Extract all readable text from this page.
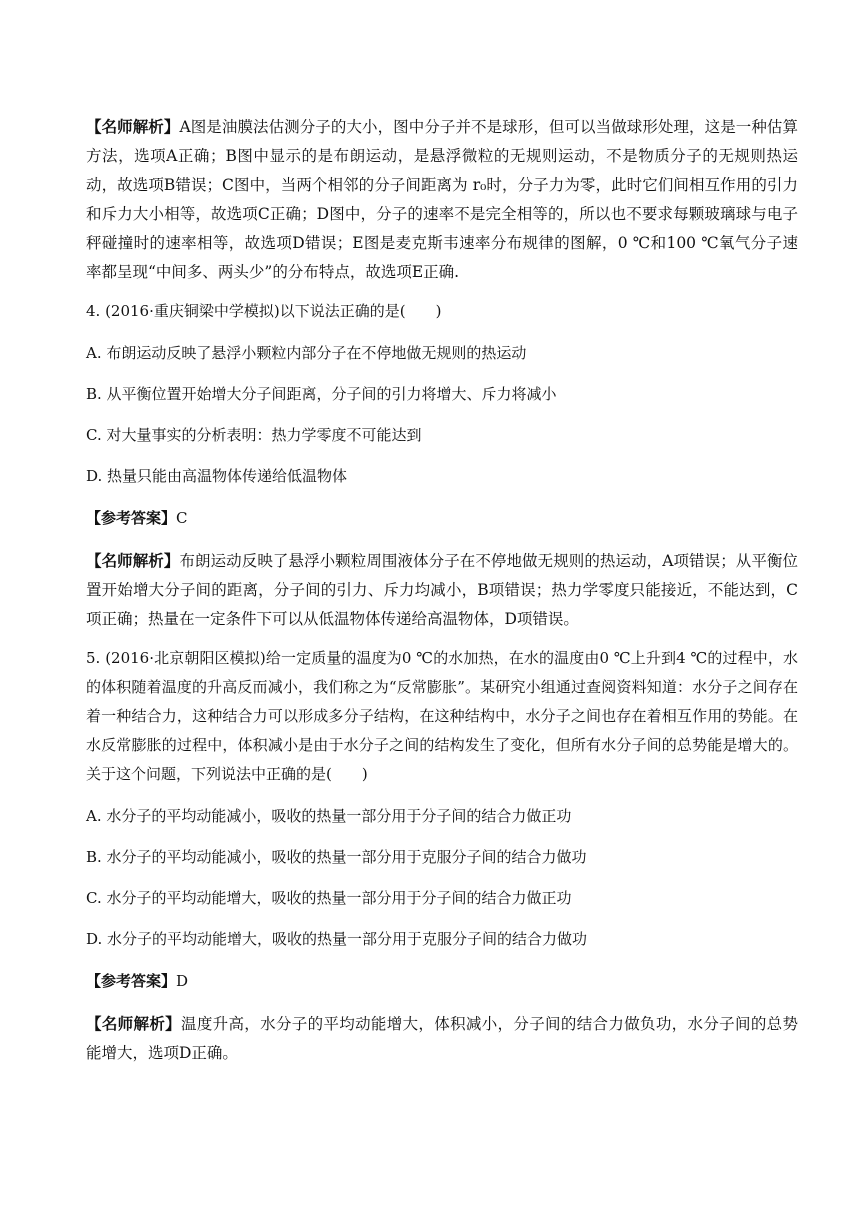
【名师解析】A图是油膜法估测分子的大小，图中分子并不是球形，但可以当做球形处理，这是一种估算方法，选项A正确；B图中显示的是布朗运动，是悬浮微粒的无规则运动，不是物质分子的无规则热运动，故选项B错误；C图中，当两个相邻的分子间距离为 r₀时，分子力为零，此时它们间相互作用的引力和斥力大小相等，故选项C正确；D图中，分子的速率不是完全相等的，所以也不要求每颗玻璃球与电子秤碰撞时的速率相等，故选项D错误；E图是麦克斯韦速率分布规律的图解，0 ℃和100 ℃氧气分子速率都呈现“中间多、两头少”的分布特点，故选项E正确.

4. (2016·重庆铜梁中学模拟)以下说法正确的是(　　)

A. 布朗运动反映了悬浮小颗粒内部分子在不停地做无规则的热运动

B. 从平衡位置开始增大分子间距离，分子间的引力将增大、斥力将减小

C. 对大量事实的分析表明：热力学零度不可能达到

D. 热量只能由高温物体传递给低温物体

【参考答案】C

【名师解析】布朗运动反映了悬浮小颗粒周围液体分子在不停地做无规则的热运动，A项错误；从平衡位置开始增大分子间的距离，分子间的引力、斥力均减小，B项错误；热力学零度只能接近，不能达到，C项正确；热量在一定条件下可以从低温物体传递给高温物体，D项错误。

5. (2016·北京朝阳区模拟)给一定质量的温度为0 ℃的水加热，在水的温度由0 ℃上升到4 ℃的过程中，水的体积随着温度的升高反而减小，我们称之为“反常膨胀”。某研究小组通过查阅资料知道：水分子之间存在着一种结合力，这种结合力可以形成多分子结构，在这种结构中，水分子之间也存在着相互作用的势能。在水反常膨胀的过程中，体积减小是由于水分子之间的结构发生了变化，但所有水分子间的总势能是增大的。关于这个问题，下列说法中正确的是(　　)

A. 水分子的平均动能减小，吸收的热量一部分用于分子间的结合力做正功

B. 水分子的平均动能减小，吸收的热量一部分用于克服分子间的结合力做功

C. 水分子的平均动能增大，吸收的热量一部分用于分子间的结合力做正功

D. 水分子的平均动能增大，吸收的热量一部分用于克服分子间的结合力做功

【参考答案】D

【名师解析】温度升高，水分子的平均动能增大，体积减小，分子间的结合力做负功，水分子间的总势能增大，选项D正确。
